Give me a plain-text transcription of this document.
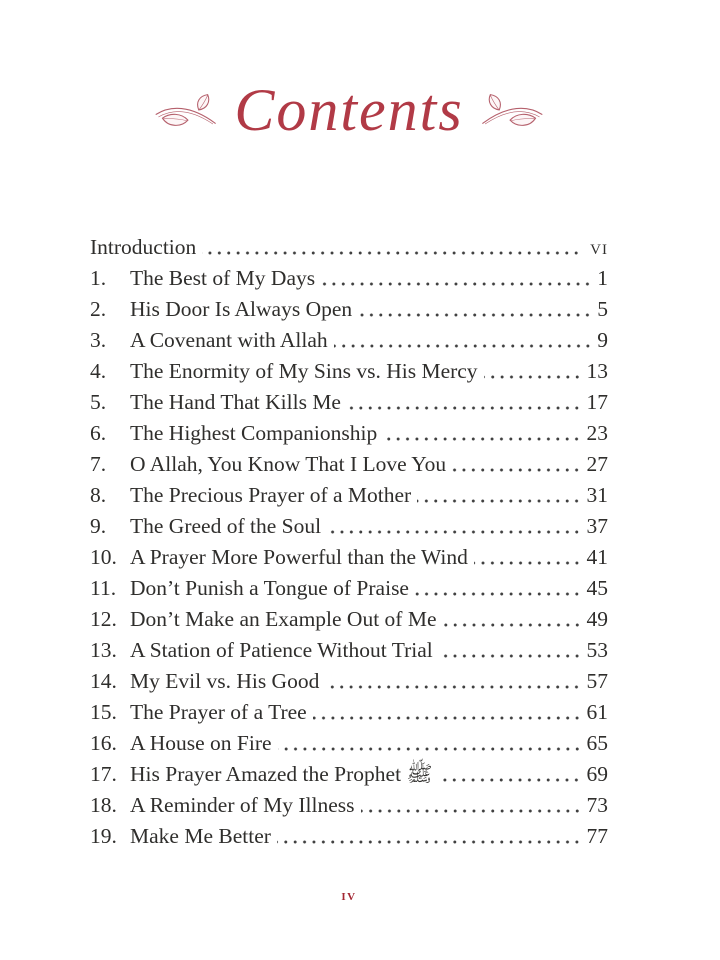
Contents
Introduction	vi
1.	The Best of My Days	1
2.	His Door Is Always Open	5
3.	A Covenant with Allah	9
4.	The Enormity of My Sins vs. His Mercy	13
5.	The Hand That Kills Me	17
6.	The Highest Companionship	23
7.	O Allah, You Know That I Love You	27
8.	The Precious Prayer of a Mother	31
9.	The Greed of the Soul	37
10. A Prayer More Powerful than the Wind	41
11. Don’t Punish a Tongue of Praise	45
12. Don’t Make an Example Out of Me	49
13. A Station of Patience Without Trial	53
14. My Evil vs. His Good	57
15. The Prayer of a Tree	61
16. A House on Fire	65
17. His Prayer Amazed the Prophet ﷺ	69
18. A Reminder of My Illness	73
19. Make Me Better	77
iv
